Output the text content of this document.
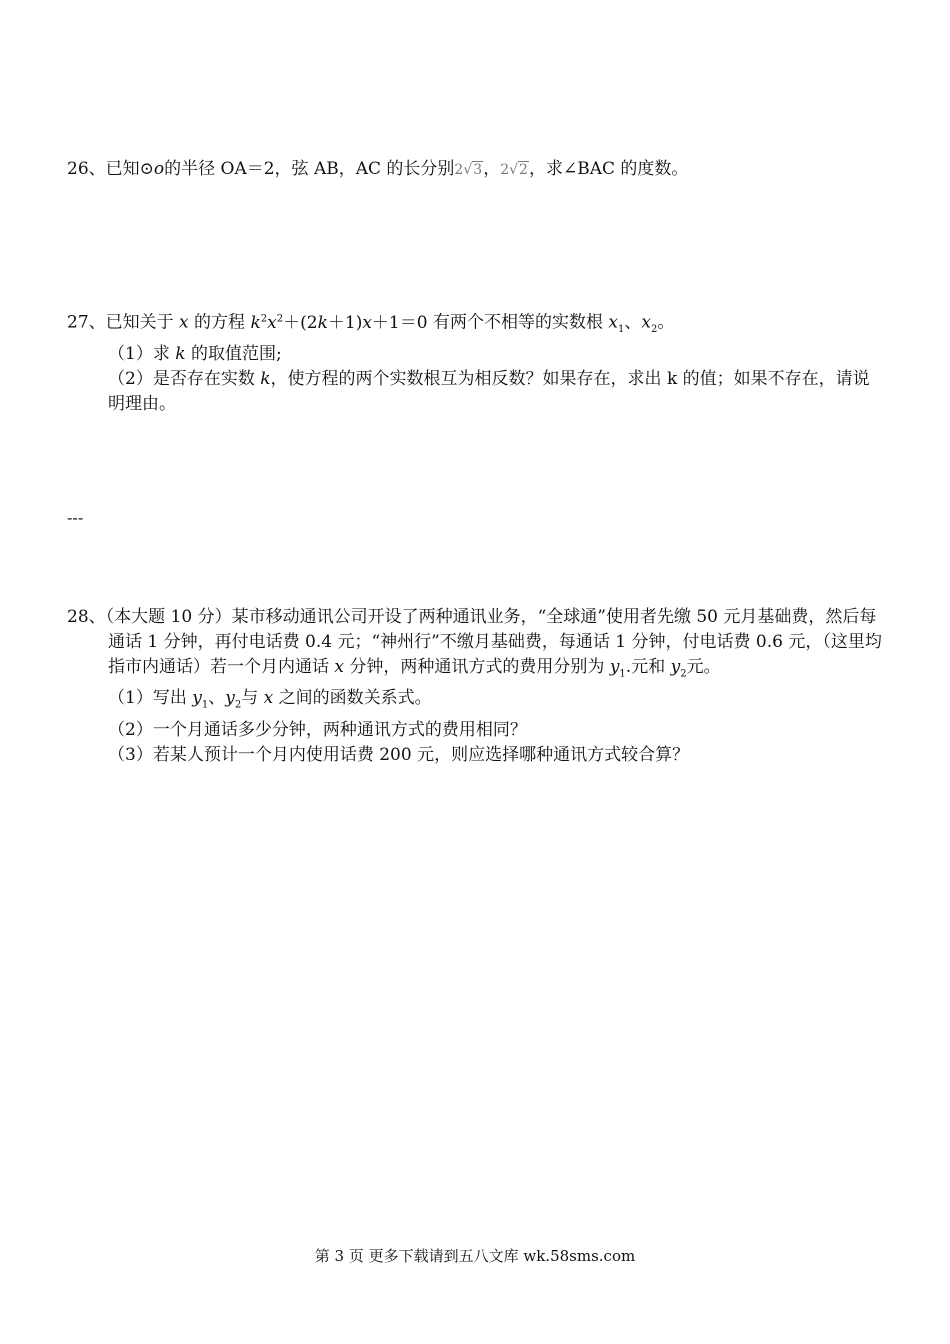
26、已知⊙o的半径 OA＝2，弦 AB，AC 的长分别2√3，2√2，求∠BAC 的度数。
27、已知关于 x 的方程 $k^2x^2+(2k+1)x+1=0$ 有两个不相等的实数根 $x_1$、$x_2$。
（1）求 k 的取值范围;
（2）是否存在实数 k，使方程的两个实数根互为相反数？如果存在，求出 k 的值；如果不存在，请说明理由。
---
28、（本大题 10 分）某市移动通讯公司开设了两种通讯业务，“全球通”使用者先缴 50 元月基础费，然后每通话 1 分钟，再付电话费 0.4 元；“神州行”不缴月基础费，每通话 1 分钟，付电话费 0.6 元，（这里均指市内通话）若一个月内通话 x 分钟，两种通讯方式的费用分别为 $y_1$.元和 $y_2$元。
（1）写出 $y_1$、$y_2$与 x 之间的函数关系式。
（2）一个月通话多少分钟，两种通讯方式的费用相同？
（3）若某人预计一个月内使用话费 200 元，则应选择哪种通讯方式较合算？
第 3 页 更多下载请到五八文库 wk.58sms.com
